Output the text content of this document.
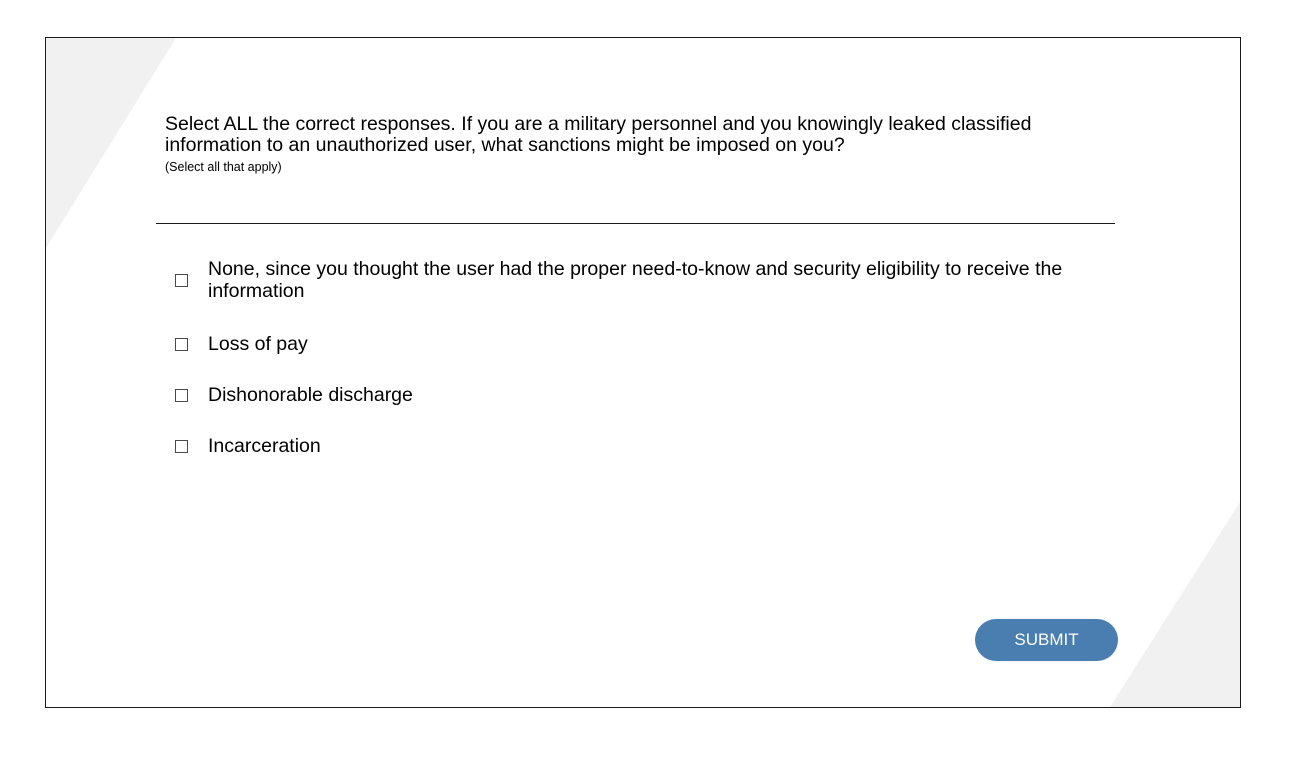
Select ALL the correct responses. If you are a military personnel and you knowingly leaked classified information to an unauthorized user, what sanctions might be imposed on you?

(Select all that apply)
None, since you thought the user had the proper need-to-know and security eligibility to receive the information
Loss of pay
Dishonorable discharge
Incarceration
SUBMIT
